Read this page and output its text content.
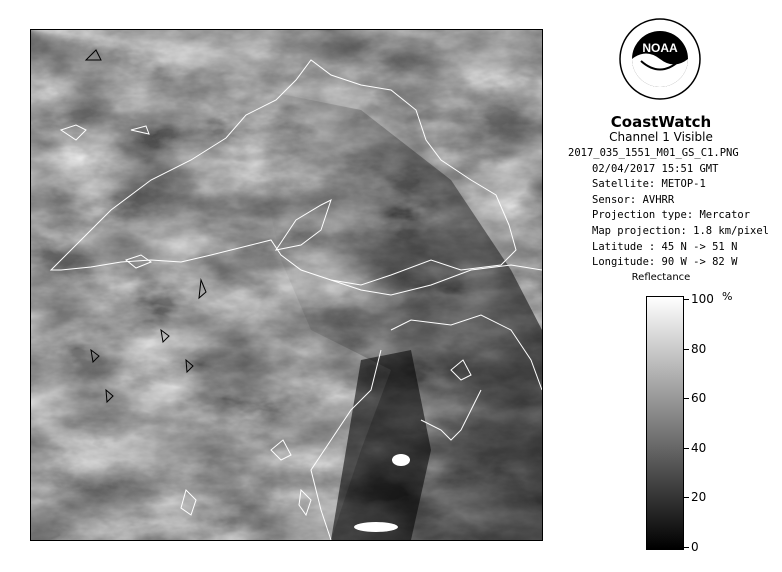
NOAA
CoastWatch
Channel 1 Visible
2017_035_1551_M01_GS_C1.PNG
02/04/2017 15:51 GMT
Satellite: METOP-1
Sensor: AVHRR
Projection type: Mercator
Map projection: 1.8 km/pixel
Latitude : 45 N -> 51 N
Longitude: 90 W -> 82 W
Reflectance
%
100
80
60
40
20
0
